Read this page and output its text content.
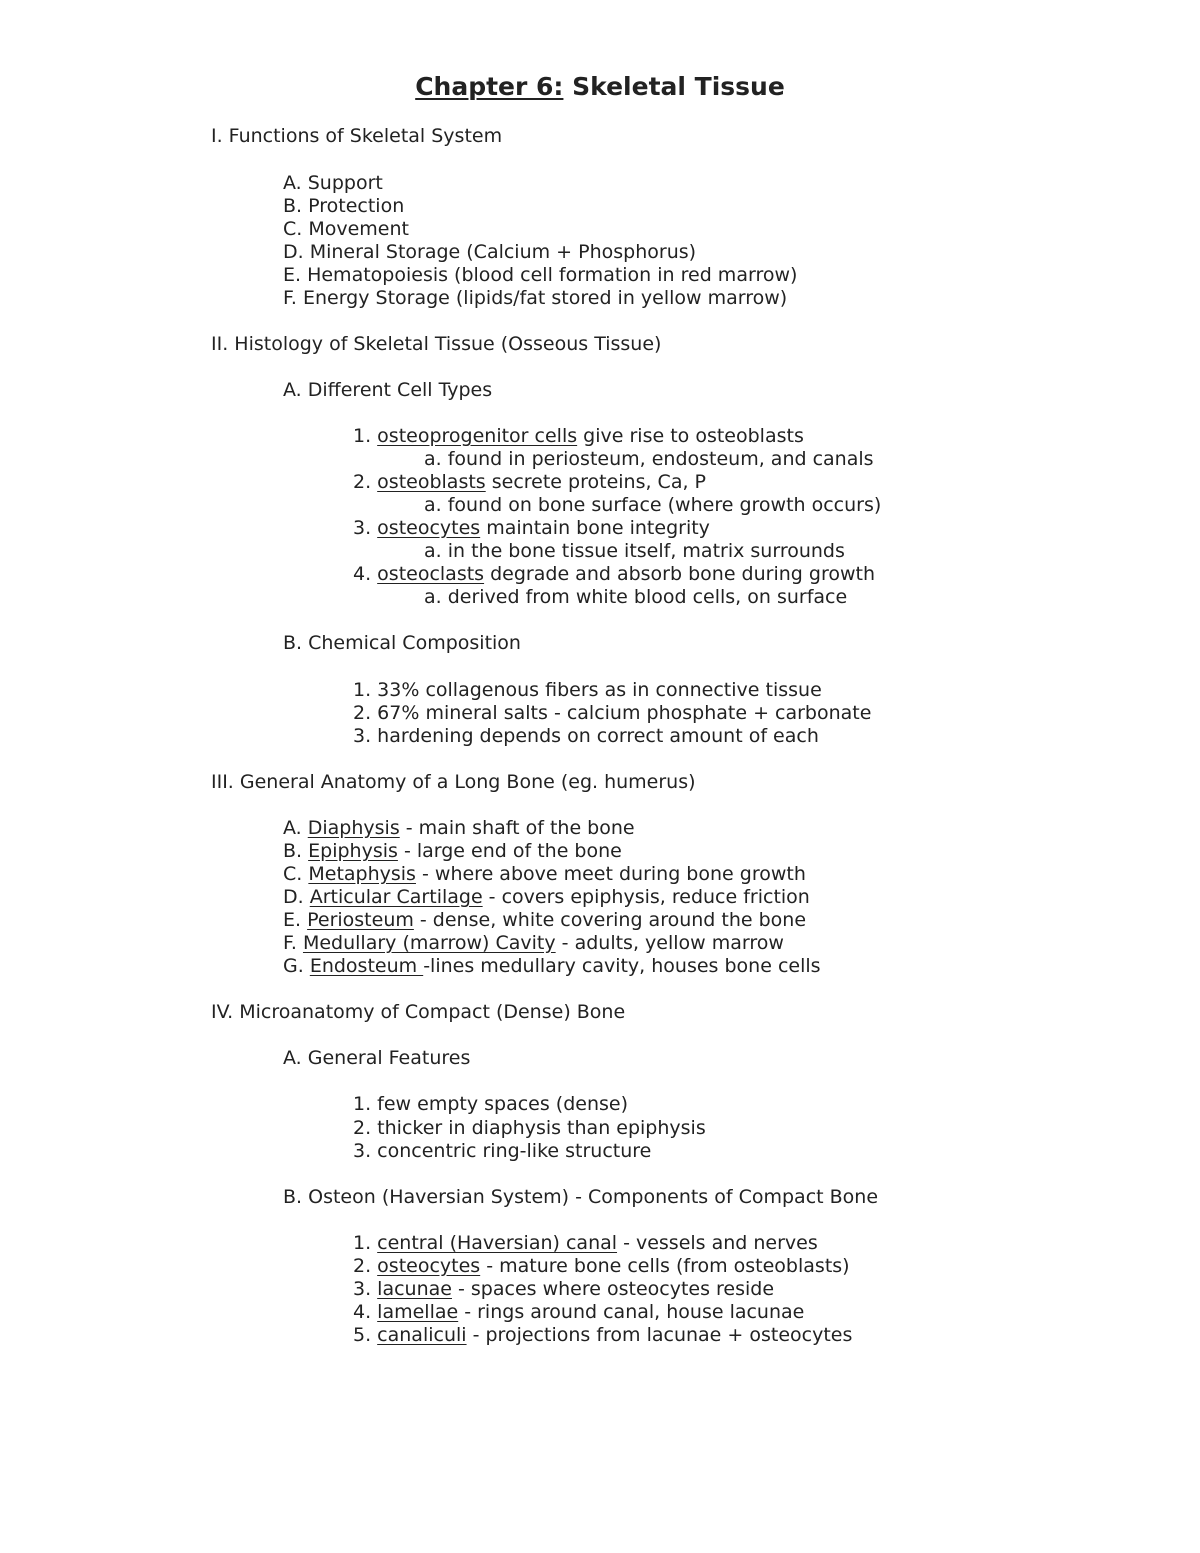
Chapter 6: Skeletal Tissue
I. Functions of Skeletal System
A. Support
B. Protection
C. Movement
D. Mineral Storage (Calcium + Phosphorus)
E. Hematopoiesis (blood cell formation in red marrow)
F. Energy Storage (lipids/fat stored in yellow marrow)
II. Histology of Skeletal Tissue (Osseous Tissue)
A. Different Cell Types
1. osteoprogenitor cells give rise to osteoblasts
a. found in periosteum, endosteum, and canals
2. osteoblasts secrete proteins, Ca, P
a. found on bone surface (where growth occurs)
3. osteocytes maintain bone integrity
a. in the bone tissue itself, matrix surrounds
4. osteoclasts degrade and absorb bone during growth
a. derived from white blood cells, on surface
B. Chemical Composition
1. 33% collagenous fibers as in connective tissue
2. 67% mineral salts - calcium phosphate + carbonate
3. hardening depends on correct amount of each
III. General Anatomy of a Long Bone (eg. humerus)
A. Diaphysis - main shaft of the bone
B. Epiphysis - large end of the bone
C. Metaphysis - where above meet during bone growth
D. Articular Cartilage - covers epiphysis, reduce friction
E. Periosteum - dense, white covering around the bone
F. Medullary (marrow) Cavity - adults, yellow marrow
G. Endosteum -lines medullary cavity, houses bone cells
IV. Microanatomy of Compact (Dense) Bone
A. General Features
1. few empty spaces (dense)
2. thicker in diaphysis than epiphysis
3. concentric ring-like structure
B. Osteon (Haversian System) - Components of Compact Bone
1. central (Haversian) canal - vessels and nerves
2. osteocytes - mature bone cells (from osteoblasts)
3. lacunae - spaces where osteocytes reside
4. lamellae - rings around canal, house lacunae
5. canaliculi - projections from lacunae + osteocytes
